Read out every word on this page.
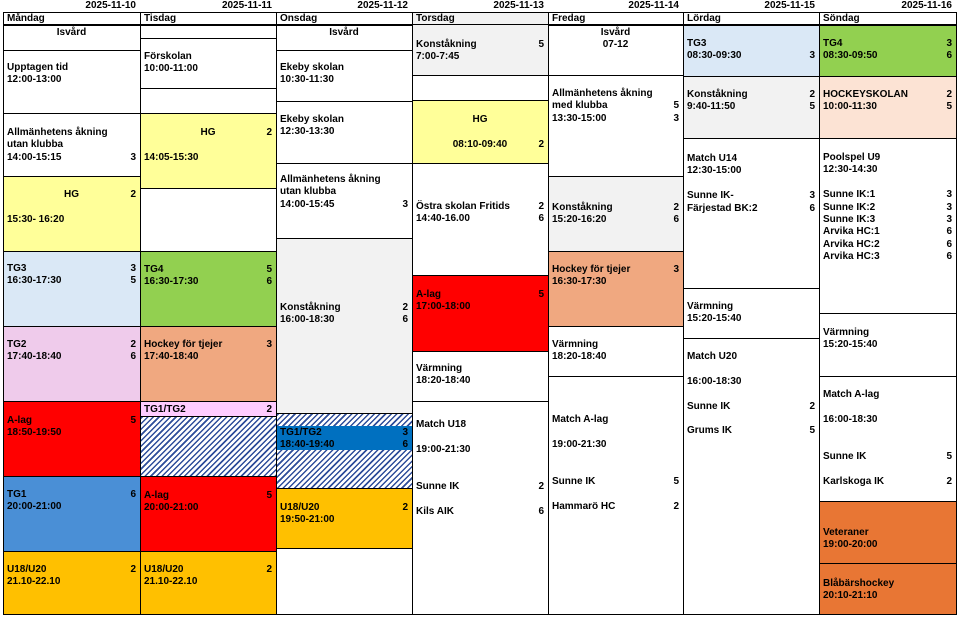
2025-11-10
Isvård
Upptagen tid
12:00-13:00
Allmänhetens åkning
utan klubba
14:00-15:15	3
HG	2
15:30- 16:20
TG3	3
16:30-17:30	5
TG2	2
17:40-18:40	6
A-lag	5
18:50-19:50
TG1	6
20:00-21:00
U18/U20	2
21.10-22.10
Måndag
2025-11-11
Förskolan
10:00-11:00
HG	2
14:05-15:30
TG4	5
16:30-17:30	6
Hockey för tjejer	3
17:40-18:40
TG1/TG2	2
A-lag	5
20:00-21:00
U18/U20	2
21.10-22.10
Tisdag
2025-11-12
Isvård
Ekeby skolan
10:30-11:30
Ekeby skolan
12:30-13:30
Allmänhetens åkning
utan klubba
14:00-15:45	3
Konståkning	2
16:00-18:30	6
TG1/TG2	3
18:40-19:40	6
U18/U20	2
19:50-21:00
Onsdag
2025-11-13
Konståkning	5
7:00-7:45
HG
08:10-09:40	2
Östra skolan Fritids	2
14:40-16.00	6
A-lag	5
17:00-18:00
Värmning
18:20-18:40
Match U18
19:00-21:30
Sunne IK	2
Kils AIK	6
Torsdag
2025-11-14
Isvård
07-12
Allmänhetens åkning
med klubba	5
13:30-15:00	3
Konståkning	2
15:20-16:20	6
Hockey för tjejer	3
16:30-17:30
Värmning
18:20-18:40
Match A-lag
19:00-21:30
Sunne IK	5
Hammarö HC	2
Fredag
2025-11-15
TG3
08:30-09:30	3
Konståkning	2
9:40-11:50	5
Match U14
12:30-15:00
Sunne IK-	3
Färjestad BK:2	6
Värmning
15:20-15:40
Match U20
16:00-18:30
Sunne IK	2
Grums IK	5
Lördag
2025-11-16
TG4	3
08:30-09:50	6
HOCKEYSKOLAN	2
10:00-11:30	5
Poolspel U9
12:30-14:30
Sunne IK:1	3
Sunne IK:2	3
Sunne IK:3	3
Arvika HC:1	6
Arvika HC:2	6
Arvika HC:3	6
Värmning
15:20-15:40
Match A-lag
16:00-18:30
Sunne IK	5
Karlskoga IK	2
Veteraner
19:00-20:00
Blåbärshockey
20:10-21:10
Söndag
